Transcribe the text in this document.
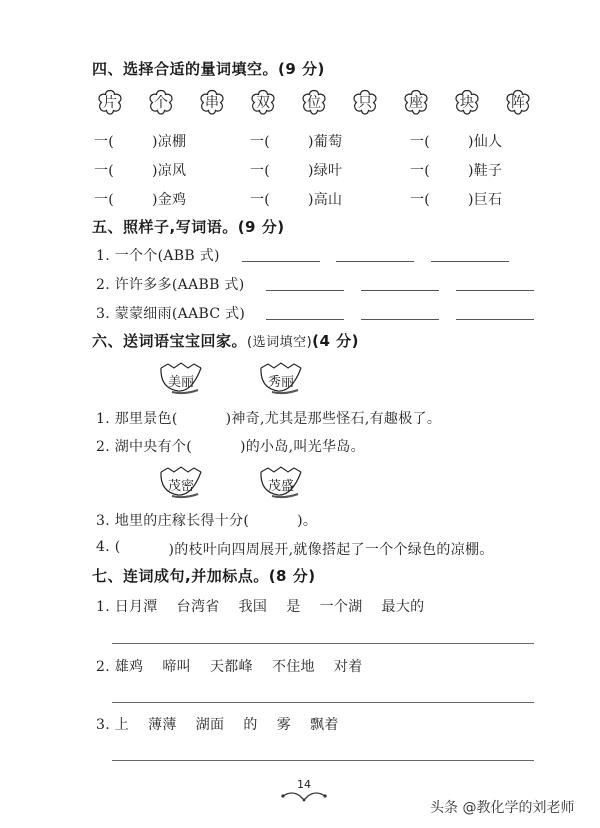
四、选择合适的量词填空。(9 分)
片	个	串	双	位	只	座	块	阵
一(	)凉棚	一(	)葡萄	一(	)仙人
一(	)凉风	一(	)绿叶	一(	)鞋子
一(	)金鸡	一(	)高山	一(	)巨石
五、照样子,写词语。(9 分)
1. 一个个(ABB 式)
2. 许许多多(AABB 式)
3. 蒙蒙细雨(AABC 式)
六、送词语宝宝回家。(选词填空)(4 分)
美丽	秀丽
茂密	茂盛
1. 那里景色(	)神奇,尤其是那些怪石,有趣极了。
2. 湖中央有个(	)的小岛,叫光华岛。
3. 地里的庄稼长得十分(	)。
4. (	)的枝叶向四周展开,就像搭起了一个个绿色的凉棚。
七、连词成句,并加标点。(8 分)
1. 日月潭　 台湾省　 我国　 是　 一个湖　 最大的
2. 雄鸡　 啼叫　 天都峰　 不住地　 对着
3. 上　 薄薄　 湖面　 的　 雾　 飘着
14
头条 @教化学的刘老师
